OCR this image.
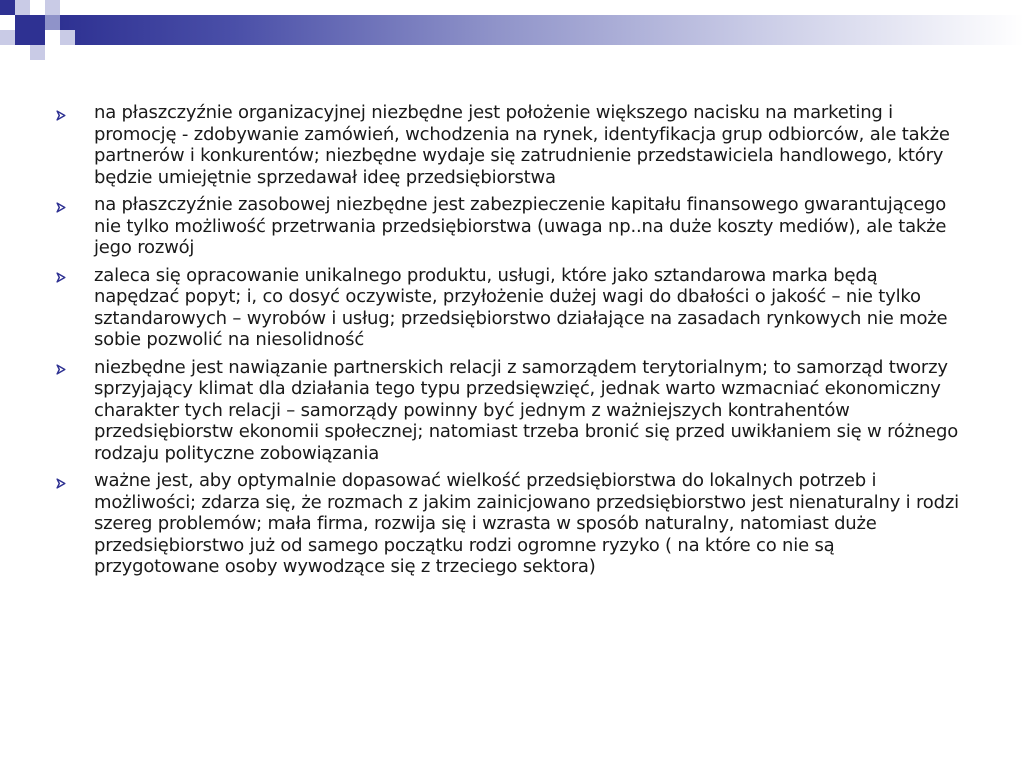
na płaszczyźnie organizacyjnej niezbędne jest położenie większego nacisku na marketing i promocję - zdobywanie zamówień, wchodzenia na rynek, identyfikacja grup odbiorców, ale także partnerów i konkurentów; niezbędne wydaje się zatrudnienie przedstawiciela handlowego, który będzie umiejętnie sprzedawał ideę przedsiębiorstwa
na płaszczyźnie zasobowej niezbędne jest zabezpieczenie kapitału finansowego gwarantującego nie tylko możliwość przetrwania przedsiębiorstwa (uwaga np..na duże koszty mediów), ale także jego rozwój
zaleca się opracowanie unikalnego produktu, usługi, które jako sztandarowa marka będą napędzać popyt; i, co dosyć oczywiste, przyłożenie dużej wagi do dbałości o jakość – nie tylko sztandarowych – wyrobów i usług; przedsiębiorstwo działające na zasadach rynkowych nie może sobie pozwolić na niesolidność
niezbędne jest nawiązanie partnerskich relacji z samorządem terytorialnym; to samorząd tworzy sprzyjający klimat dla działania tego typu przedsięwzięć, jednak warto wzmacniać ekonomiczny charakter tych relacji – samorządy powinny być jednym z ważniejszych kontrahentów przedsiębiorstw ekonomii społecznej; natomiast trzeba bronić się przed uwikłaniem się w różnego rodzaju polityczne zobowiązania
ważne jest, aby optymalnie dopasować wielkość przedsiębiorstwa do lokalnych potrzeb i możliwości; zdarza się, że rozmach z jakim zainicjowano przedsiębiorstwo jest nienaturalny i rodzi szereg problemów; mała firma, rozwija się i wzrasta w sposób naturalny, natomiast duże przedsiębiorstwo już od samego początku rodzi ogromne ryzyko ( na które co nie są przygotowane osoby wywodzące się z trzeciego sektora)
